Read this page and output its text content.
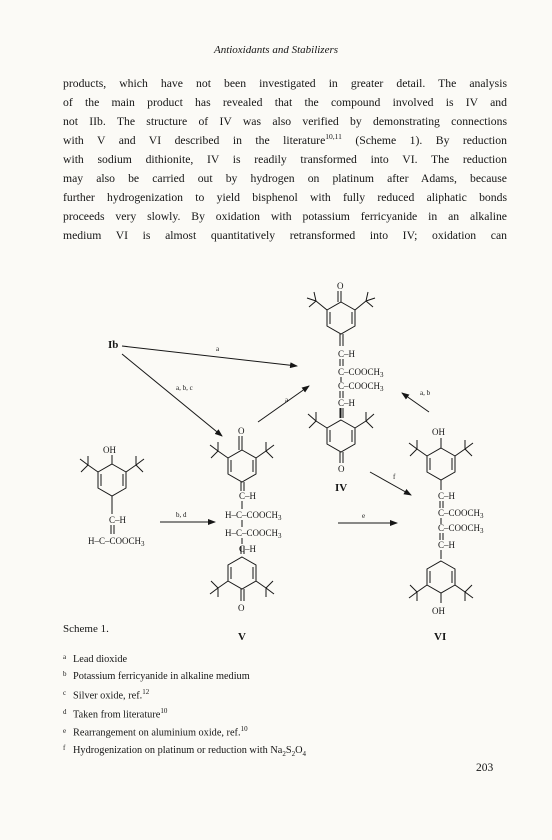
Antioxidants and Stabilizers

products, which have not been investigated in greater detail. The analysis

of the main product has revealed that the compound involved is IV and

not IIb. The structure of IV was also verified by demonstrating connections

with V and VI described in the literature$^{10,11}$ (Scheme 1). By reduction

with sodium dithionite, IV is readily transformed into VI. The reduction

may also be carried out by hydrogen on platinum after Adams, because

further hydrogenization to yield bisphenol with fully reduced aliphatic bonds

proceeds very slowly. By oxidation with potassium ferricyanide in an alkaline

medium VI is almost quantitatively retransformed into IV; oxidation can

O
C–H
$C-COOCH_3$
$C-COOCH_3$
C–H
O
IV
Ib	a
a, b, c
a
a, b
f
b, d	e
OH
C–H
$H-C-COOCH_3$
O
C–H
$H-C-COOCH_3$
$H-C-COOCH_3$
C–H
O
V
OH
C–H
$C-COOCH_3$
$C-COOCH_3$
C–H
OH
VI
Scheme 1.
a Lead dioxide
b Potassium ferricyanide in alkaline medium
c Silver oxide, ref.$^{12}$
d Taken from literature$^{10}$
e Rearrangement on aluminium oxide, ref.$^{10}$
f Hydrogenization on platinum or reduction with $Na_2S_2O_4$
203
